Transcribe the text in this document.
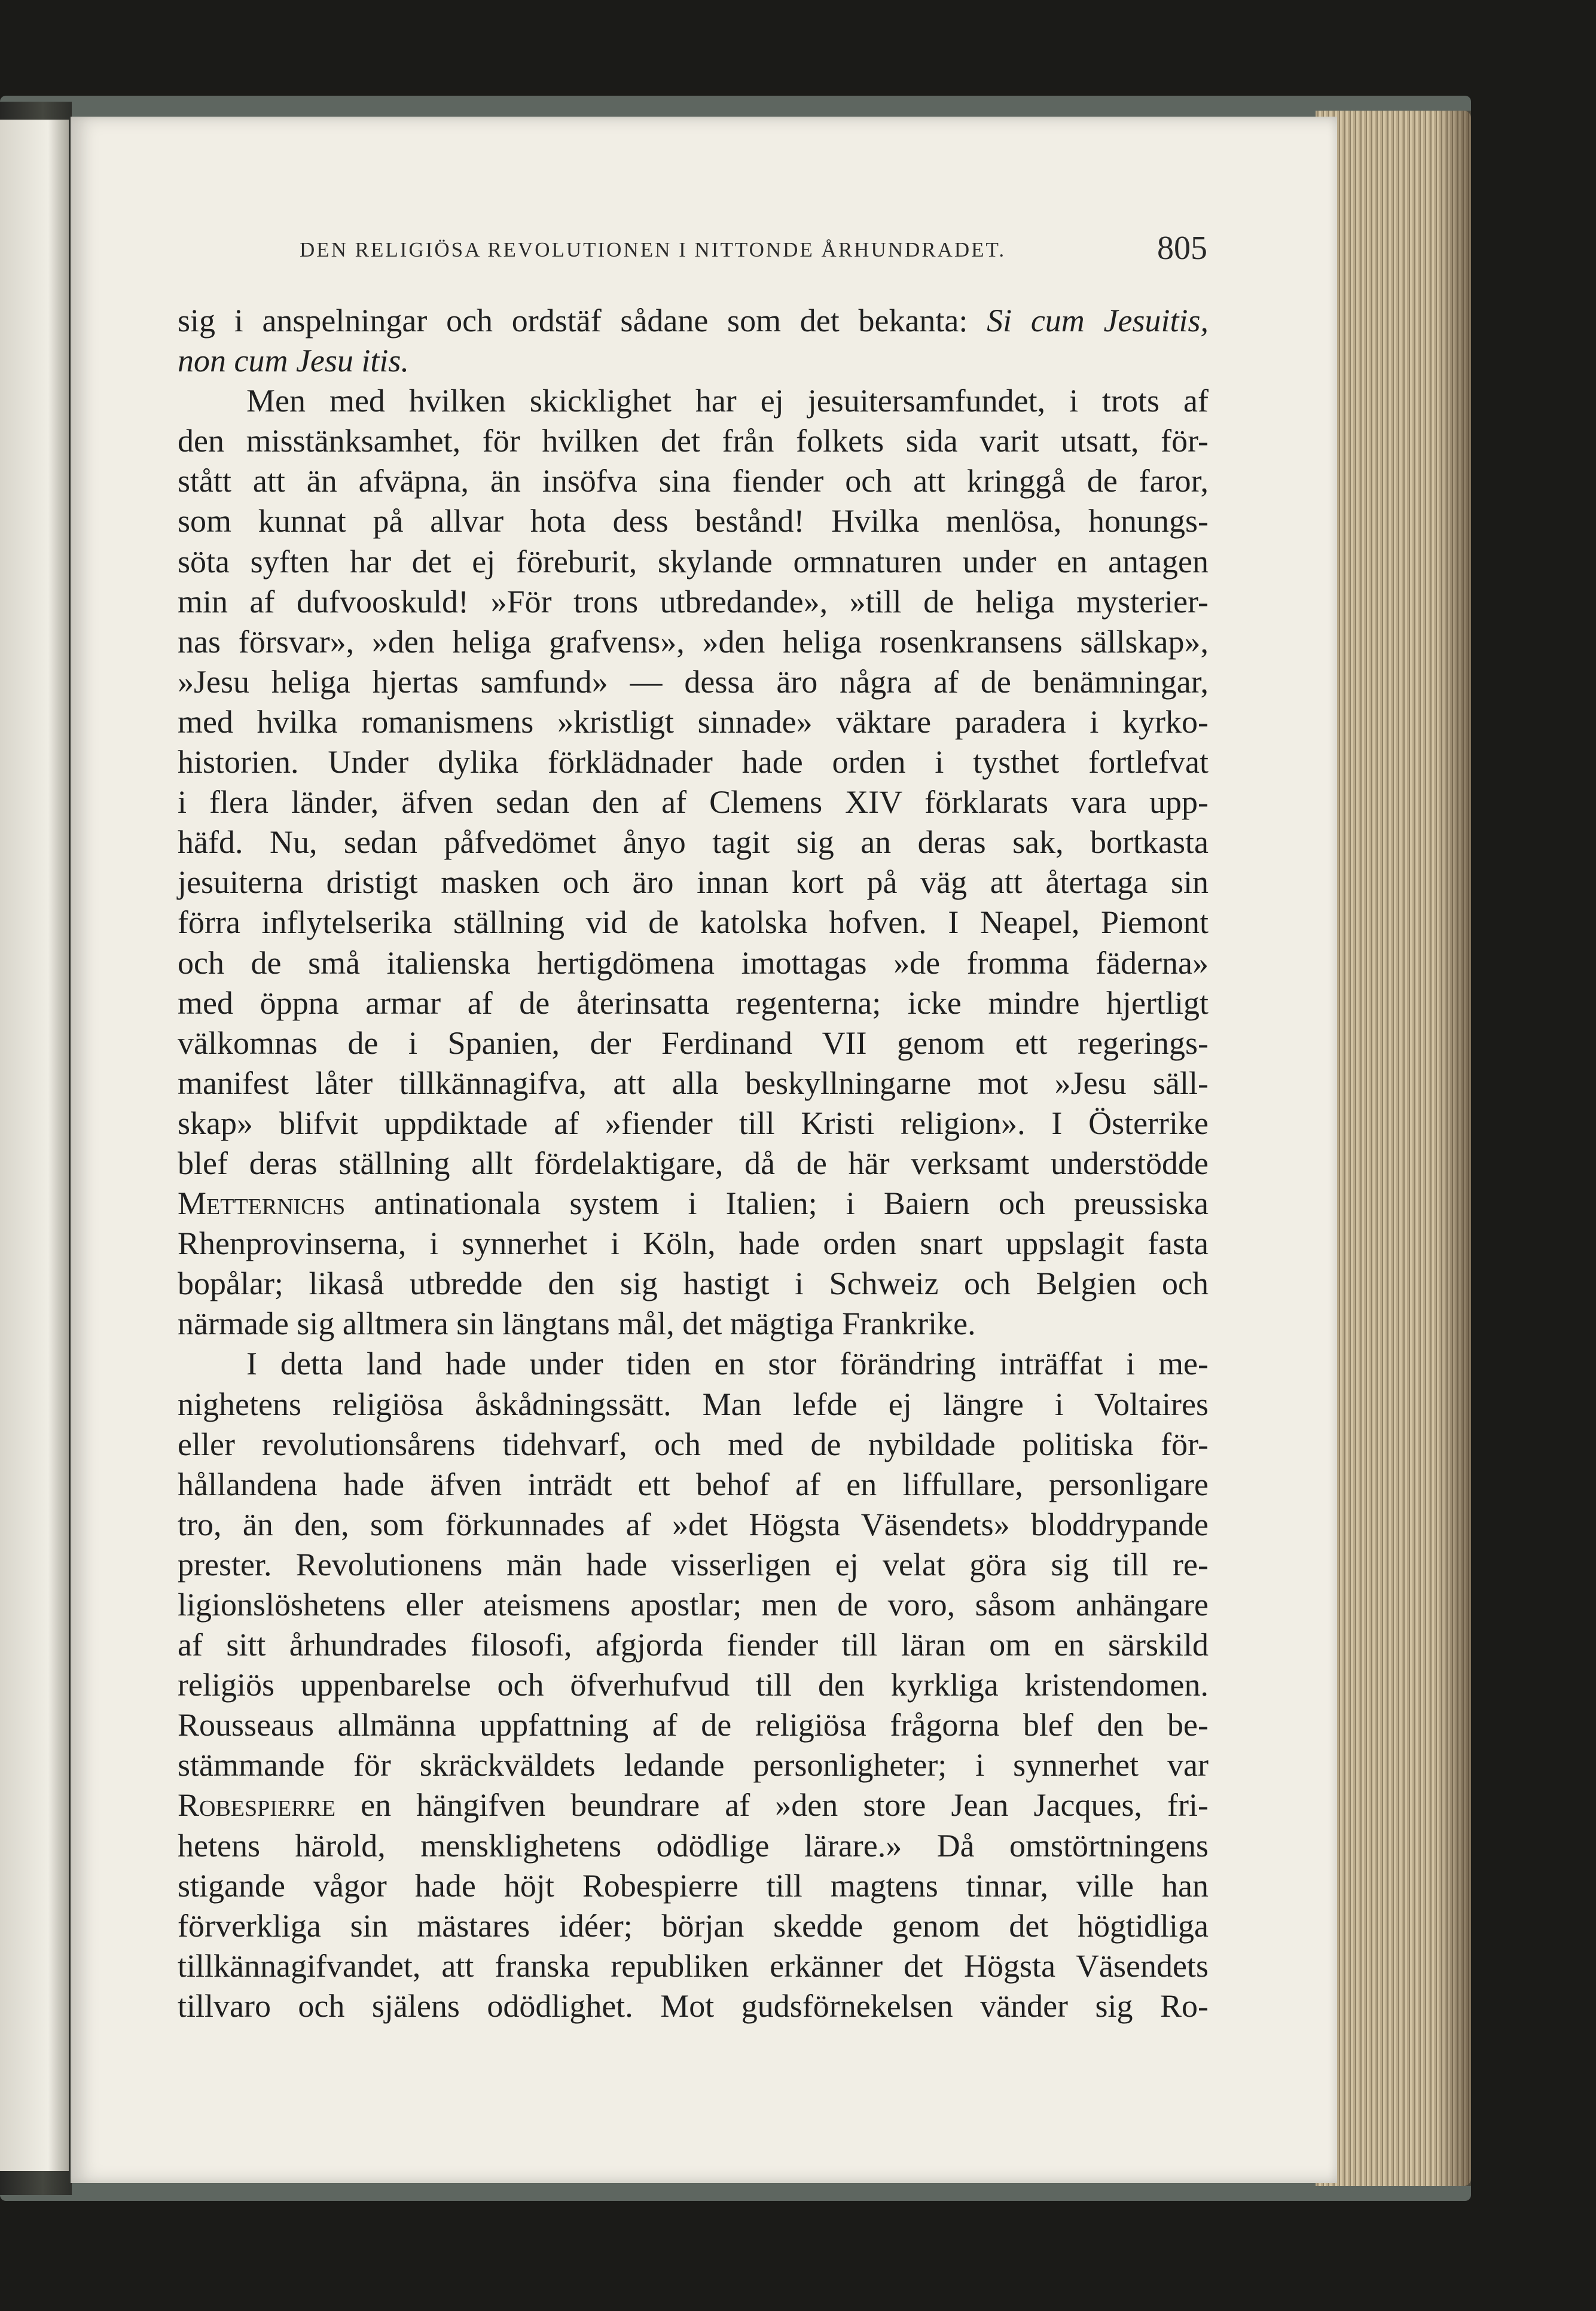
DEN RELIGIÖSA REVOLUTIONEN I NITTONDE ÅRHUNDRADET.	805
sig i anspelningar och ordstäf sådane som det bekanta: Si cum Jesuitis,
non cum Jesu itis.
Men med hvilken skicklighet har ej jesuitersamfundet, i trots af
den misstänksamhet, för hvilken det från folkets sida varit utsatt, för-
stått att än afväpna, än insöfva sina fiender och att kringgå de faror,
som kunnat på allvar hota dess bestånd! Hvilka menlösa, honungs-
söta syften har det ej föreburit, skylande ormnaturen under en antagen
min af dufvooskuld! »För trons utbredande», »till de heliga mysterier-
nas försvar», »den heliga grafvens», »den heliga rosenkransens sällskap»,
»Jesu heliga hjertas samfund» — dessa äro några af de benämningar,
med hvilka romanismens »kristligt sinnade» väktare paradera i kyrko-
historien. Under dylika förklädnader hade orden i tysthet fortlefvat
i flera länder, äfven sedan den af Clemens XIV förklarats vara upp-
häfd. Nu, sedan påfvedömet ånyo tagit sig an deras sak, bortkasta
jesuiterna dristigt masken och äro innan kort på väg att återtaga sin
förra inflytelserika ställning vid de katolska hofven. I Neapel, Piemont
och de små italienska hertigdömena imottagas »de fromma fäderna»
med öppna armar af de återinsatta regenterna; icke mindre hjertligt
välkomnas de i Spanien, der Ferdinand VII genom ett regerings-
manifest låter tillkännagifva, att alla beskyllningarne mot »Jesu säll-
skap» blifvit uppdiktade af »fiender till Kristi religion». I Österrike
blef deras ställning allt fördelaktigare, då de här verksamt understödde
Metternichs antinationala system i Italien; i Baiern och preussiska
Rhenprovinserna, i synnerhet i Köln, hade orden snart uppslagit fasta
bopålar; likaså utbredde den sig hastigt i Schweiz och Belgien och
närmade sig alltmera sin längtans mål, det mägtiga Frankrike.
I detta land hade under tiden en stor förändring inträffat i me-
nighetens religiösa åskådningssätt. Man lefde ej längre i Voltaires
eller revolutionsårens tidehvarf, och med de nybildade politiska för-
hållandena hade äfven inträdt ett behof af en liffullare, personligare
tro, än den, som förkunnades af »det Högsta Väsendets» bloddrypande
prester. Revolutionens män hade visserligen ej velat göra sig till re-
ligionslöshetens eller ateismens apostlar; men de voro, såsom anhängare
af sitt århundrades filosofi, afgjorda fiender till läran om en särskild
religiös uppenbarelse och öfverhufvud till den kyrkliga kristendomen.
Rousseaus allmänna uppfattning af de religiösa frågorna blef den be-
stämmande för skräckväldets ledande personligheter; i synnerhet var
Robespierre en hängifven beundrare af »den store Jean Jacques, fri-
hetens härold, mensklighetens odödlige lärare.» Då omstörtningens
stigande vågor hade höjt Robespierre till magtens tinnar, ville han
förverkliga sin mästares idéer; början skedde genom det högtidliga
tillkännagifvandet, att franska republiken erkänner det Högsta Väsendets
tillvaro och själens odödlighet. Mot gudsförnekelsen vänder sig Ro-
